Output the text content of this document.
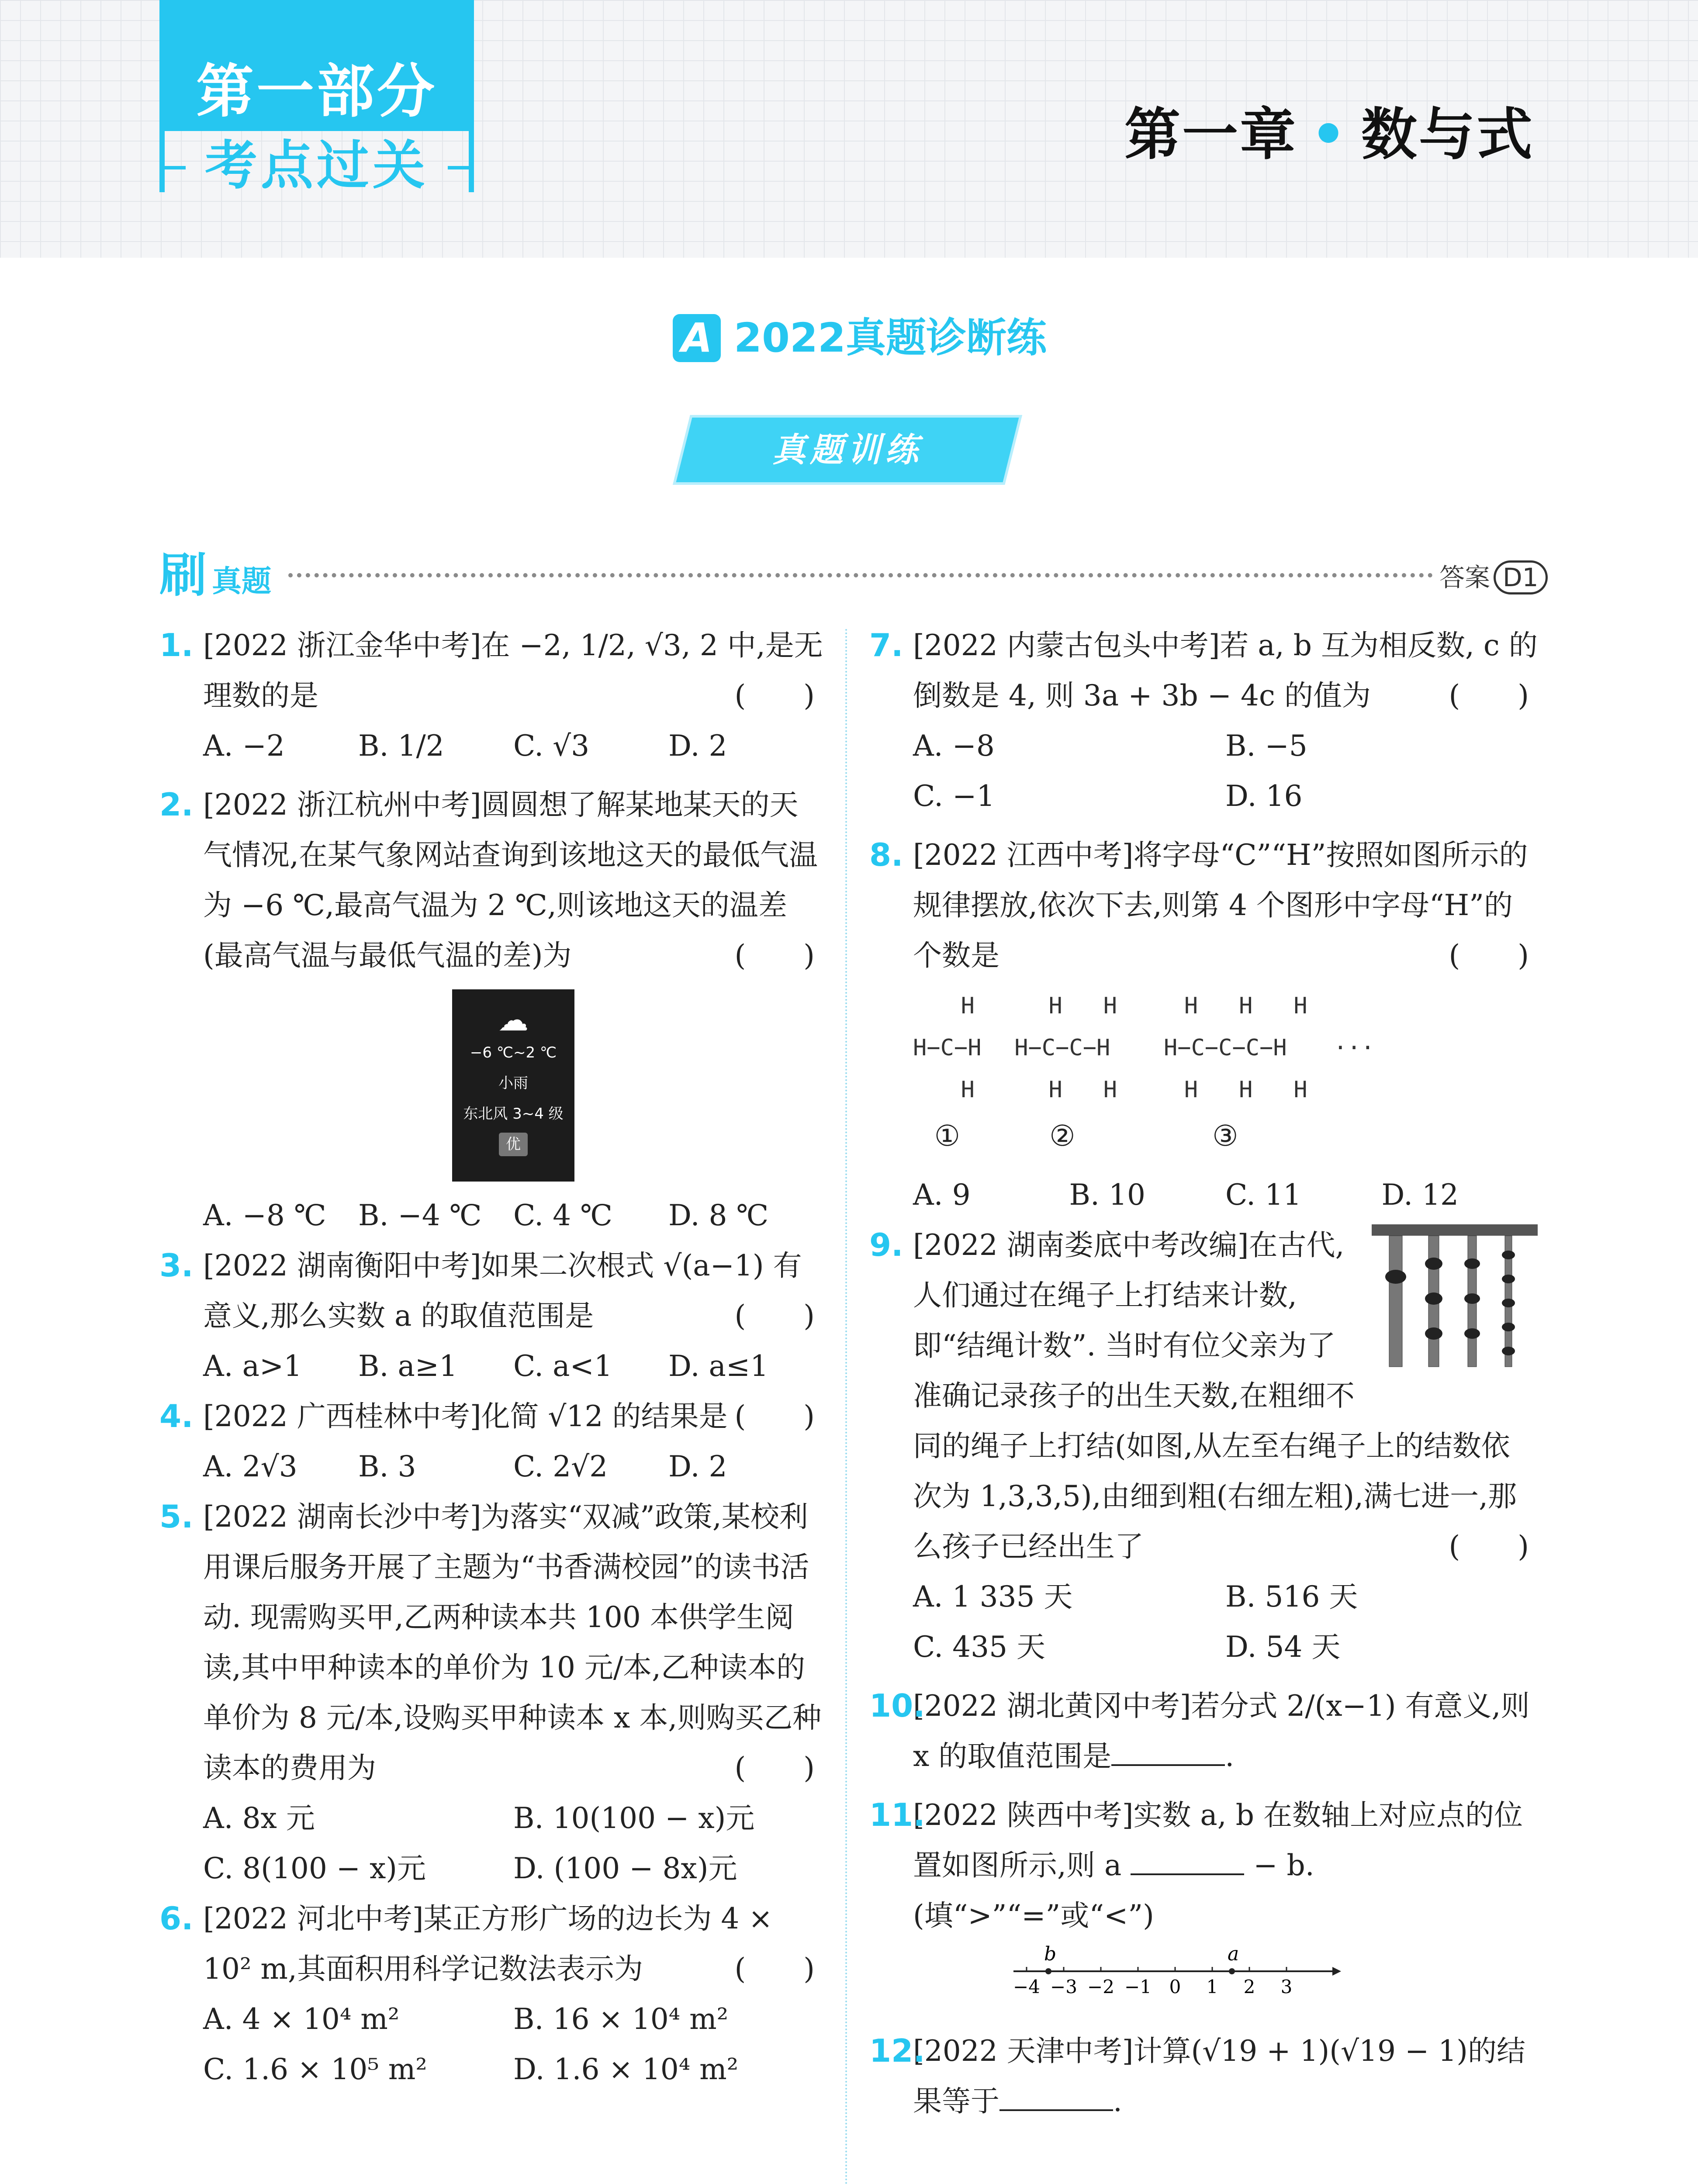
第一部分
考点过关	第一章 • 数与式
A 2022真题诊断练
真题训练
刷真题	答案 D1
1. [2022 浙江金华中考]在 −2, 1/2, √3, 2 中,是无理数的是	(　　)
A. −2	B. 1/2	C. √3	D. 2
2. [2022 浙江杭州中考]圆圆想了解某地某天的天气情况,在某气象网站查询到该地这天的最低气温为 −6 ℃,最高气温为 2 ℃,则该地这天的温差(最高气温与最低气温的差)为	(　　)
☁
−6 ℃~2 ℃
小雨
东北风 3~4 级
优
A. −8 ℃	B. −4 ℃	C. 4 ℃	D. 8 ℃
3. [2022 湖南衡阳中考]如果二次根式 √(a−1) 有意义,那么实数 a 的取值范围是	(　　)
A. a>1	B. a≥1	C. a<1	D. a≤1
4. [2022 广西桂林中考]化简 √12 的结果是 (　　)
A. 2√3	B. 3	C. 2√2	D. 2
5. [2022 湖南长沙中考]为落实“双减”政策,某校利用课后服务开展了主题为“书香满校园”的读书活动. 现需购买甲,乙两种读本共 100 本供学生阅读,其中甲种读本的单价为 10 元/本,乙种读本的单价为 8 元/本,设购买甲种读本 x 本,则购买乙种读本的费用为	(　　)
A. 8x 元	B. 10(100 − x)元
C. 8(100 − x)元	D. (100 − 8x)元
6. [2022 河北中考]某正方形广场的边长为 4 × 10² m,其面积用科学记数法表示为	(　　)
A. 4 × 10⁴ m²	B. 16 × 10⁴ m²
C. 1.6 × 10⁵ m²	D. 1.6 × 10⁴ m²
7. [2022 内蒙古包头中考]若 a, b 互为相反数, c 的倒数是 4, 则 3a + 3b − 4c 的值为	(　　)
A. −8	B. −5
C. −1	D. 16
8. [2022 江西中考]将字母“C”“H”按照如图所示的规律摆放,依次下去,则第 4 个图形中字母“H”的个数是	(　　)
H
H−C−H
H
①
H   H
H−C−C−H
H   H
②
H   H   H
H−C−C−C−H
H   H   H
③
···
A. 9	B. 10	C. 11	D. 12
9. [2022 湖南娄底中考改编]在古代,人们通过在绳子上打结来计数,即“结绳计数”. 当时有位父亲为了准确记录孩子的出生天数,在粗细不同的绳子上打结(如图,从左至右绳子上的结数依次为 1,3,3,5),由细到粗(右细左粗),满七进一,那么孩子已经出生了	(　　)
A. 1 335 天	B. 516 天
C. 435 天	D. 54 天
10.
[2022 湖北黄冈中考]若分式 2/(x−1) 有意义,则 x 的取值范围是	.
11.
[2022 陕西中考]实数 a, b 在数轴上对应点的位置如图所示,则 a	− b.(填“>”“=”或“<”)
b	a
−4 −3 −2 −1 0 1 2 3
12.
[2022 天津中考]计算(√19 + 1)(√19 − 1)的结果等于	.
